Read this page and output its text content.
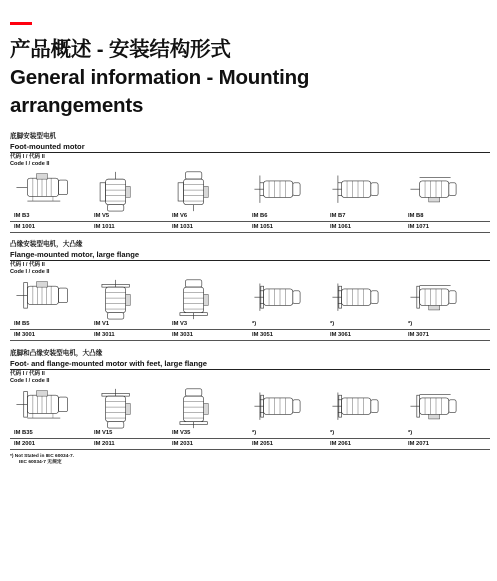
产品概述 - 安装结构形式
General information - Mounting
arrangements
底脚安装型电机
Foot-mounted motor
代码 I / 代码 II
Code I / code II
IM B3
IM 1001
IM V5
IM 1011
IM V6
IM 1031
IM B6
IM 1051
IM B7
IM 1061
IM B8
IM 1071
凸缘安装型电机，大凸缘
Flange-mounted motor, large flange
代码 I / 代码 II
Code I / code II
IM B5
IM 3001
IM V1
IM 3011
IM V3
IM 3031
*)
IM 3051
*)
IM 3061
*)
IM 3071
底脚和凸缘安装型电机，大凸缘
Foot- and flange-mounted motor with feet, large flange
代码 I / 代码 II
Code I / code II
IM B35
IM 2001
IM V15
IM 2011
IM V35
IM 2031
*)
IM 2051
*)
IM 2061
*)
IM 2071
*) Not Stated in IEC 60034-7.
IEC 60034-7 无规定
